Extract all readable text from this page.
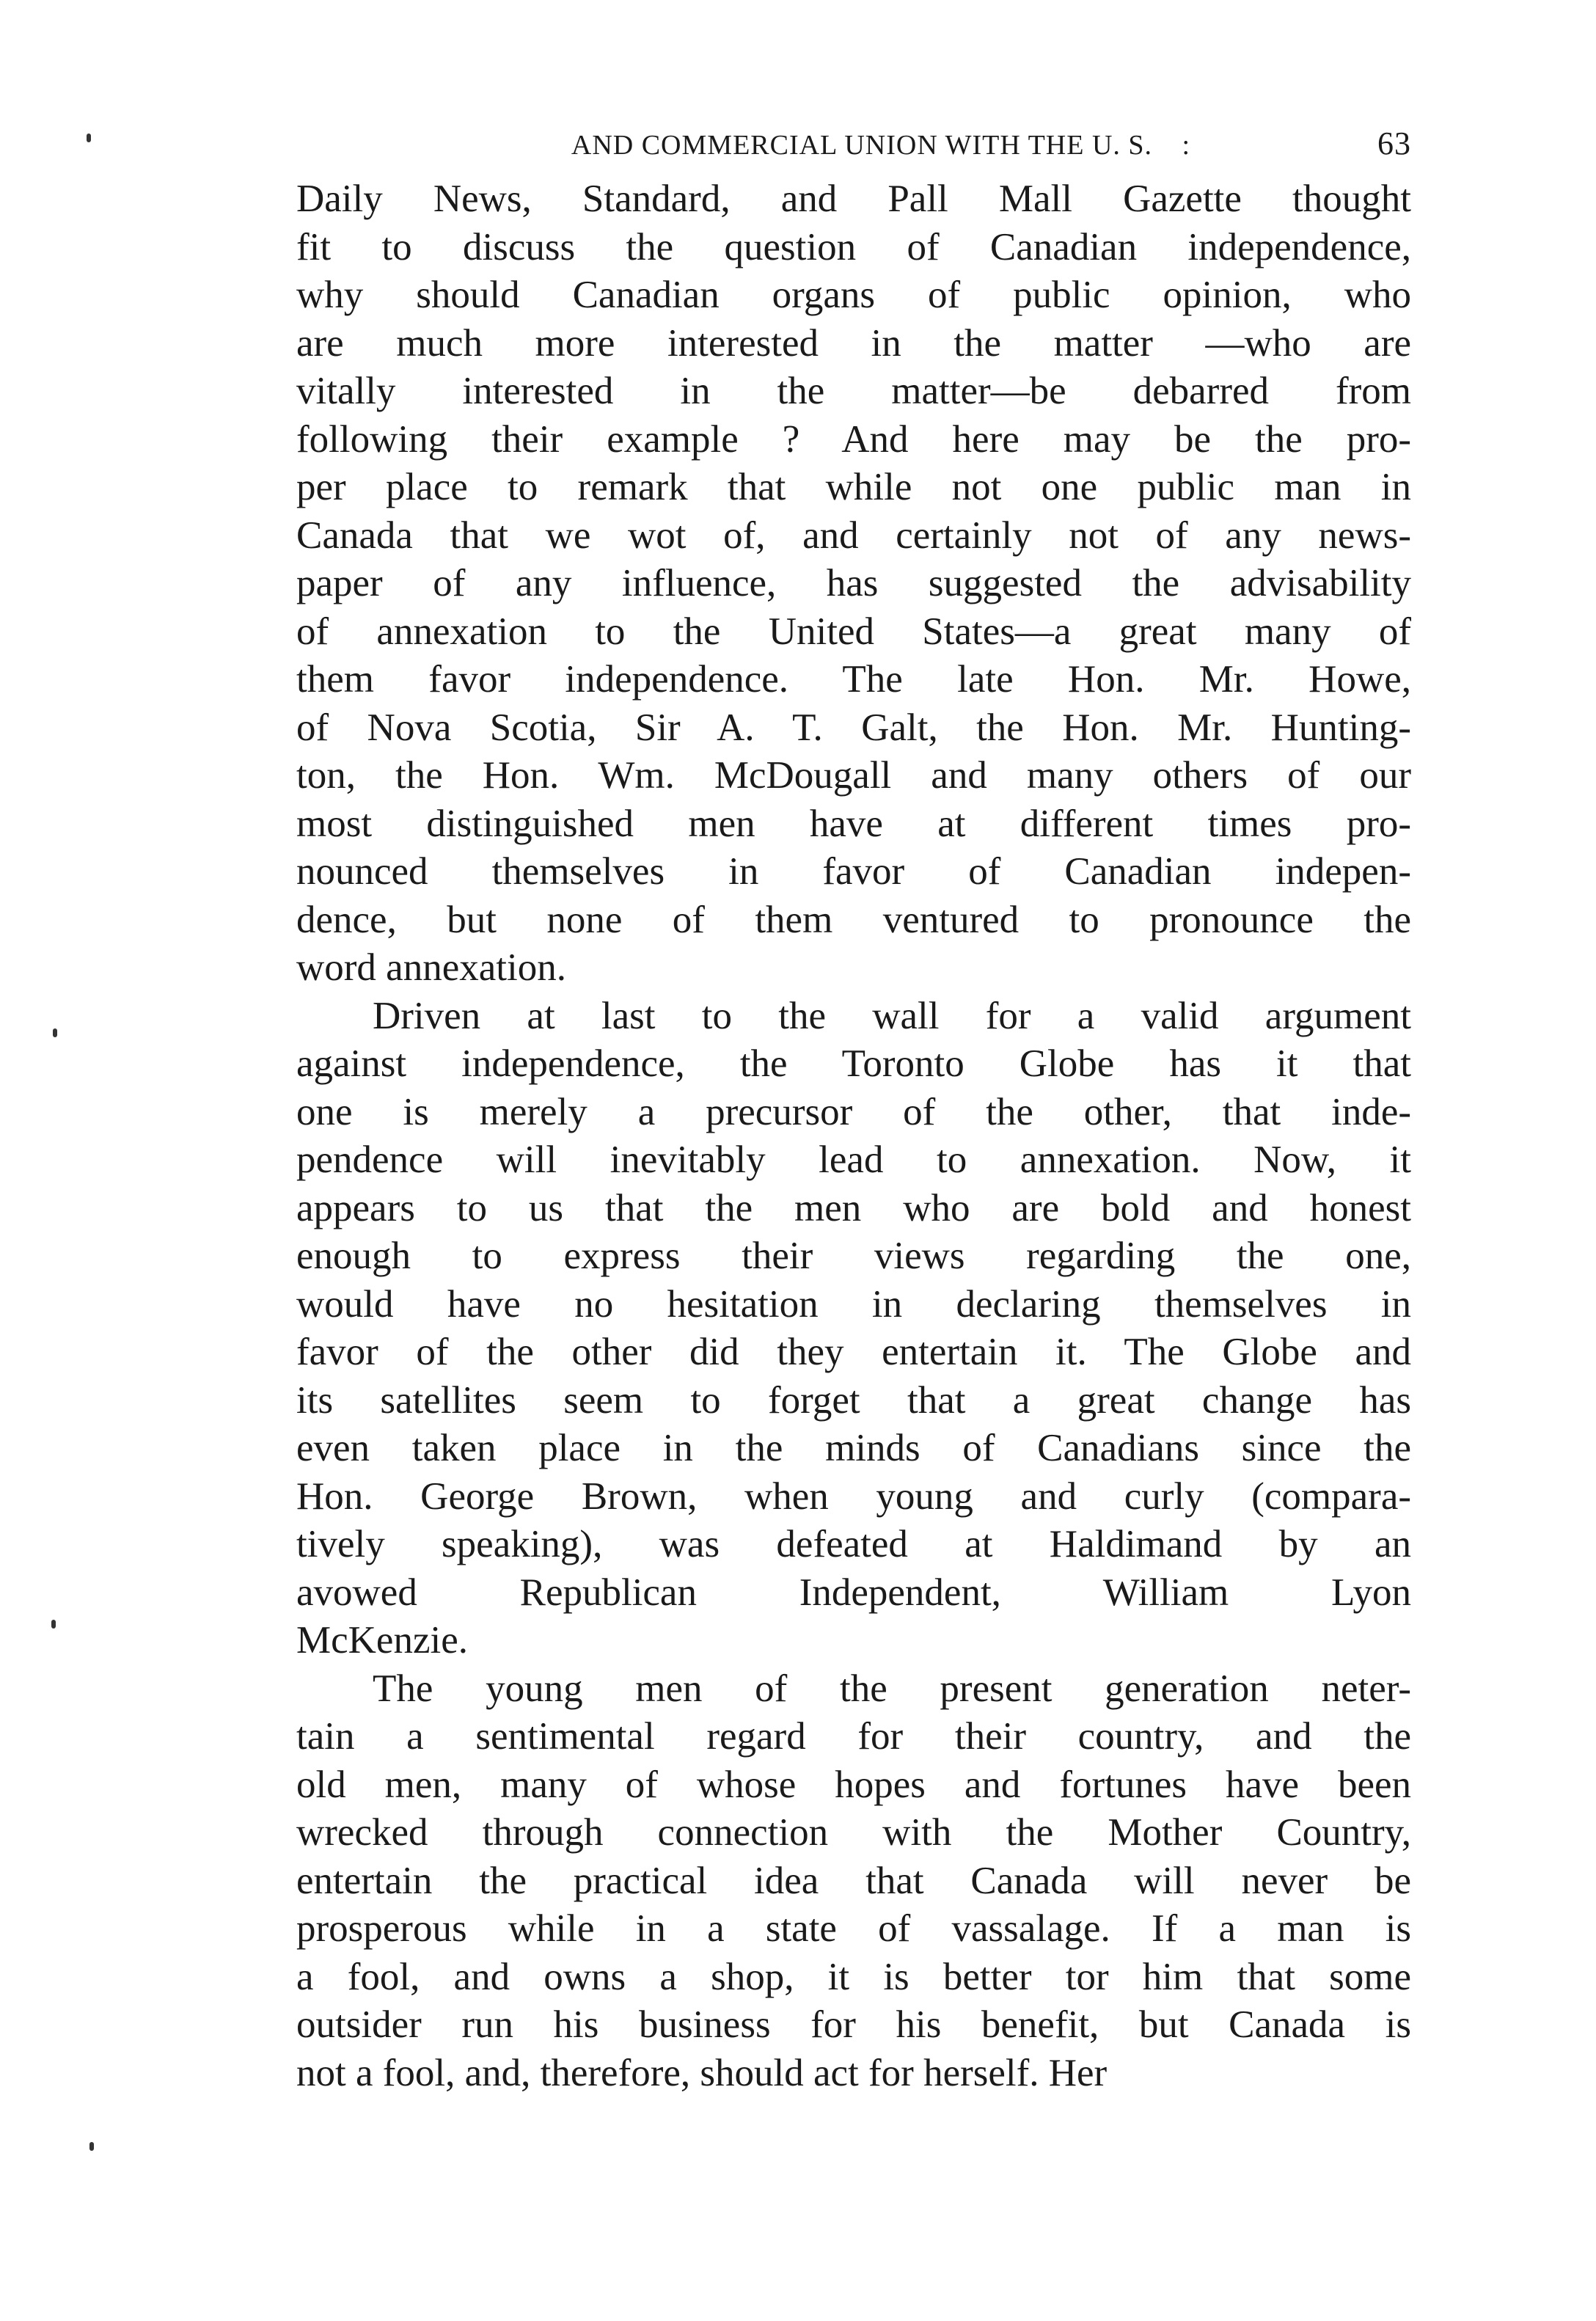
AND COMMERCIAL UNION WITH THE U. S. :	63
Daily News, Standard, and Pall Mall Gazette thought
fit to discuss the question of Canadian independence,
why should Canadian organs of public opinion, who
are much more interested in the matter —who are
vitally interested in the matter—be debarred from
following their example ? And here may be the pro-
per place to remark that while not one public man in
Canada that we wot of, and certainly not of any news-
paper of any influence, has suggested the advisability
of annexation to the United States—a great many of
them favor independence. The late Hon. Mr. Howe,
of Nova Scotia, Sir A. T. Galt, the Hon. Mr. Hunting-
ton, the Hon. Wm. McDougall and many others of our
most distinguished men have at different times pro-
nounced themselves in favor of Canadian indepen-
dence, but none of them ventured to pronounce the
word annexation.
Driven at last to the wall for a valid argument
against independence, the Toronto Globe has it that
one is merely a precursor of the other, that inde-
pendence will inevitably lead to annexation. Now, it
appears to us that the men who are bold and honest
enough to express their views regarding the one,
would have no hesitation in declaring themselves in
favor of the other did they entertain it. The Globe and
its satellites seem to forget that a great change has
even taken place in the minds of Canadians since the
Hon. George Brown, when young and curly (compara-
tively speaking), was defeated at Haldimand by an
avowed Republican Independent, William Lyon
McKenzie.
The young men of the present generation neter-
tain a sentimental regard for their country, and the
old men, many of whose hopes and fortunes have been
wrecked through connection with the Mother Country,
entertain the practical idea that Canada will never be
prosperous while in a state of vassalage. If a man is
a fool, and owns a shop, it is better tor him that some
outsider run his business for his benefit, but Canada is
not a fool, and, therefore, should act for herself. Her
